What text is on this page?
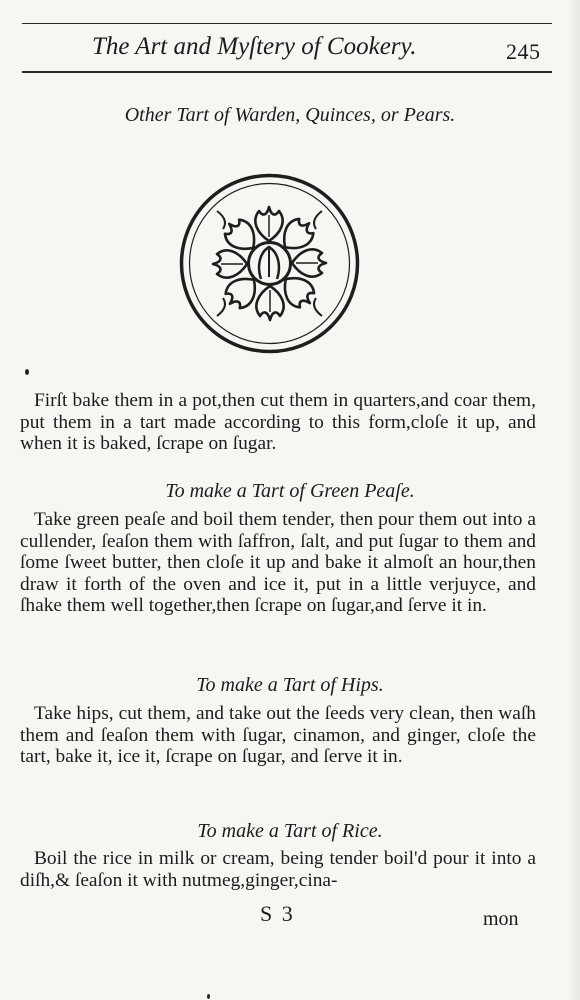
The Art and Myſtery of Cookery.	245
Other Tart of Warden, Quinces, or Pears.
Firſt bake them in a pot,then cut them in quarters,and coar them, put them in a tart made according to this form,cloſe it up, and when it is baked, ſcrape on ſugar.
To make a Tart of Green Peaſe.
Take green peaſe and boil them tender, then pour them out into a cullender, ſeaſon them with ſaffron, ſalt, and put ſugar to them and ſome ſweet butter, then cloſe it up and bake it almoſt an hour,then draw it forth of the oven and ice it, put in a little verjuyce, and ſhake them well together,then ſcrape on ſugar,and ſerve it in.
To make a Tart of Hips.
Take hips, cut them, and take out the ſeeds very clean, then waſh them and ſeaſon them with ſugar, cinamon, and ginger, cloſe the tart, bake it, ice it, ſcrape on ſugar, and ſerve it in.
To make a Tart of Rice.
Boil the rice in milk or cream, being tender boil'd pour it into a diſh,& ſeaſon it with nutmeg,ginger,cina-
S 3	mon
